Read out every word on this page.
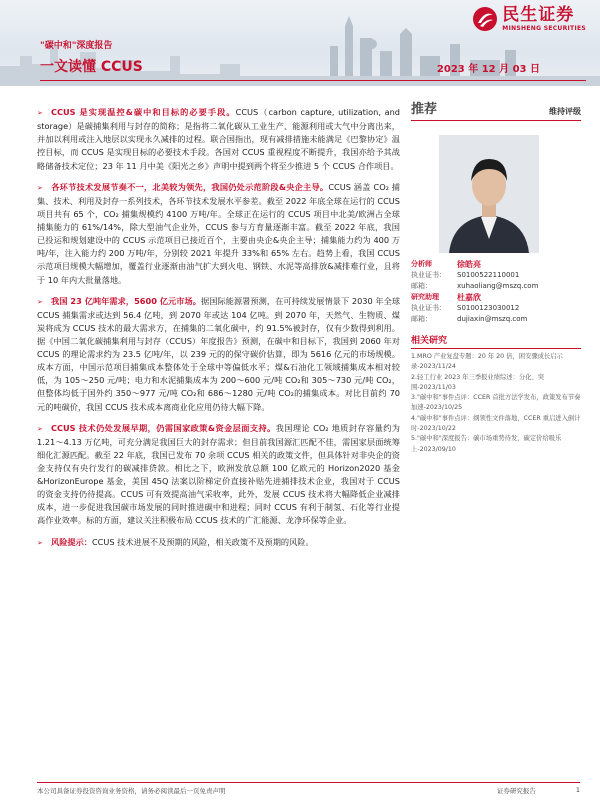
民生证券
MINSHENG SECURITIES
"碳中和"深度报告
一文读懂 CCUS	2023 年 12 月 03 日

➢ CCUS 是实现温控&碳中和目标的必要手段。CCUS（carbon capture, utilization, and storage）是碳捕集利用与封存的简称；是指将二氧化碳从工业生产、能源利用或大气中分离出来，并加以利用或注入地层以实现永久减排的过程。联合国指出，现有减排措施未能满足《巴黎协定》温控目标，而 CCUS 是实现目标的必要技术手段。各国对 CCUS 重视程度不断提升，我国亦给予其战略储备技术定位；23 年 11 月中美《阳光之乡》声明中提到两个将至少推进 5 个 CCUS 合作项目。

➢ 各环节技术发展节奏不一，北美较为领先，我国仍处示范阶段&央企主导。CCUS 涵盖 CO₂ 捕集、技术、利用及封存一系列技术，各环节技术发展水平参差。截至 2022 年底全球在运行的 CCUS 项目共有 65 个，CO₂ 捕集规模约 4100 万吨/年。全球正在运行的 CCUS 项目中北美/欧洲占全球捕集能力的 61%/14%，除大型油气企业外，CCUS 参与方育量逐渐丰富。截至 2022 年底，我国已投运和规划建设中的 CCUS 示范项目已接近百个，主要由央企&央企主导；捕集能力约为 400 万吨/年，注入能力约 200 万吨/年，分别较 2021 年提升 33%和 65% 左右。趋势上看，我国 CCUS 示范项目规模大幅增加，覆盖行业逐渐由油气扩大到火电、钢铁、水泥等高排放&减排难行业，且将于 10 年内大批量落地。

➢ 我国 23 亿吨年需求，5600 亿元市场。据国际能源署预测，在可持续发展情景下 2030 年全球 CCUS 捕集需求或达到 56.4 亿吨，到 2070 年或达 104 亿吨。到 2070 年，天然气、生物质、煤炭将成为 CCUS 技术的最大需求方，在捕集的二氧化碳中，约 91.5%被封存，仅有少数得到利用。据《中国二氧化碳捕集利用与封存（CCUS）年度报告》预测，在碳中和目标下，我国到 2060 年对 CCUS 的理论需求约为 23.5 亿吨/年，以 239 元的的保守碳价估算，即为 5616 亿元的市场规模。成本方面，中国示范项目捕集成本整体处于全球中等偏低水平；煤&石油化工领域捕集成本相对较低，为 105～250 元/吨；电力和水泥捕集成本为 200～600 元/吨 CO₂和 305～730 元/吨 CO₂，但整体均低于国外约 350～977 元/吨 CO₂和 686～1280 元/吨 CO₂的捕集成本。对比目前约 70 元的吨碳价，我国 CCUS 技术成本离商业化应用仍待大幅下降。

➢ CCUS 技术仍处发展早期，仍需国家政策&资金层面支持。我国理论 CO₂ 地质封存容量约为 1.21～4.13 万亿吨，可充分满足我国巨大的封存需求；但目前我国源汇匹配不佳，需国家层面统筹细化汇源匹配。截至 22 年底，我国已发布 70 余项 CCUS 相关的政策文件，但具体针对非央企的资金支持仅有央行发行的碳减排贷款。相比之下，欧洲发放总额 100 亿欧元的 Horizon2020 基金&HorizonEurope 基金，美国 45Q 法案以阶梯定价直接补贴先进捕排技术企业，我国对于 CCUS 的资金支持仍待提高。CCUS 可有效提高油气采收率，此外，发展 CCUS 技术将大幅降低企业减排成本，进一步促进我国碳市场发展的同时推进碳中和进程；同时 CCUS 有利于制氢、石化等行业提高作业效率。标的方面，建议关注积极布局 CCUS 技术的广汇能源、龙净环保等企业。

➢ 风险提示：CCUS 技术进展不及预期的风险，相关政策不及预期的风险。

推荐	维持评级
分析师	徐皓亮
执业证书：	S0100522110001
邮箱：	xuhaoliang@mszq.com
研究助理	杜嘉欣
执业证书：	S0100123030012
邮箱：	dujiaxin@mszq.com
相关研究
1.MRO 产业复盘专题：20 年 20 倍，困安骤成长启示录-2023/11/24
2.轻工行业 2023 年三季报业绩综述：分化、突围-2023/11/03
3."碳中和"事件点评：CCER 首批方法学发布，政策发布节奏加速-2023/10/25
4."碳中和"事件点评：纲领性文件落地，CCER 重启进入倒计时-2023/10/22
5."碳中和"深度报告：碳市场重势待发，碳定价给吸乐上-2023/09/10
本公司具备证券投资咨询业务资格，请务必阅读最后一页免责声明	证券研究报告	1
